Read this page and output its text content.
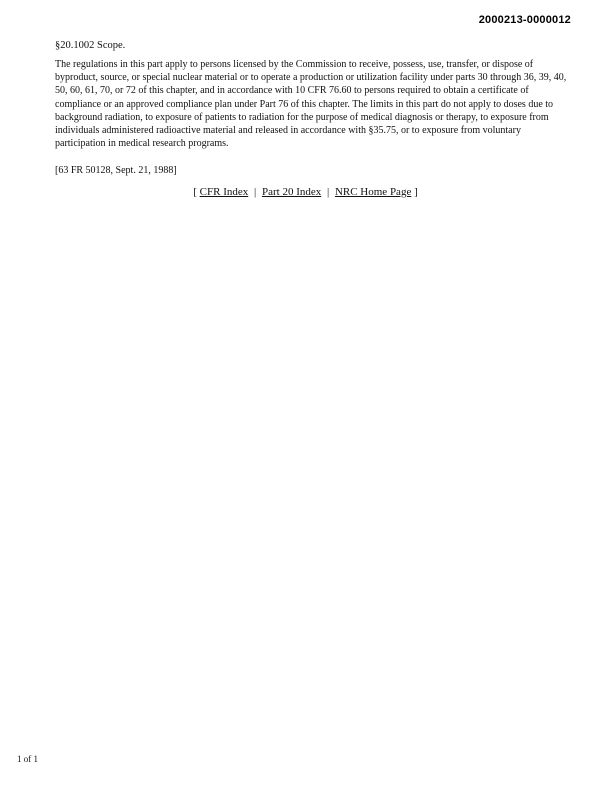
2000213-0000012
§20.1002 Scope.

The regulations in this part apply to persons licensed by the Commission to receive, possess, use, transfer, or dispose of byproduct, source, or special nuclear material or to operate a production or utilization facility under parts 30 through 36, 39, 40, 50, 60, 61, 70, or 72 of this chapter, and in accordance with 10 CFR 76.60 to persons required to obtain a certificate of compliance or an approved compliance plan under Part 76 of this chapter. The limits in this part do not apply to doses due to background radiation, to exposure of patients to radiation for the purpose of medical diagnosis or therapy, to exposure from individuals administered radioactive material and released in accordance with §35.75, or to exposure from voluntary participation in medical research programs.

[63 FR 50128, Sept. 21, 1988]

[ CFR Index | Part 20 Index | NRC Home Page ]
1 of 1
